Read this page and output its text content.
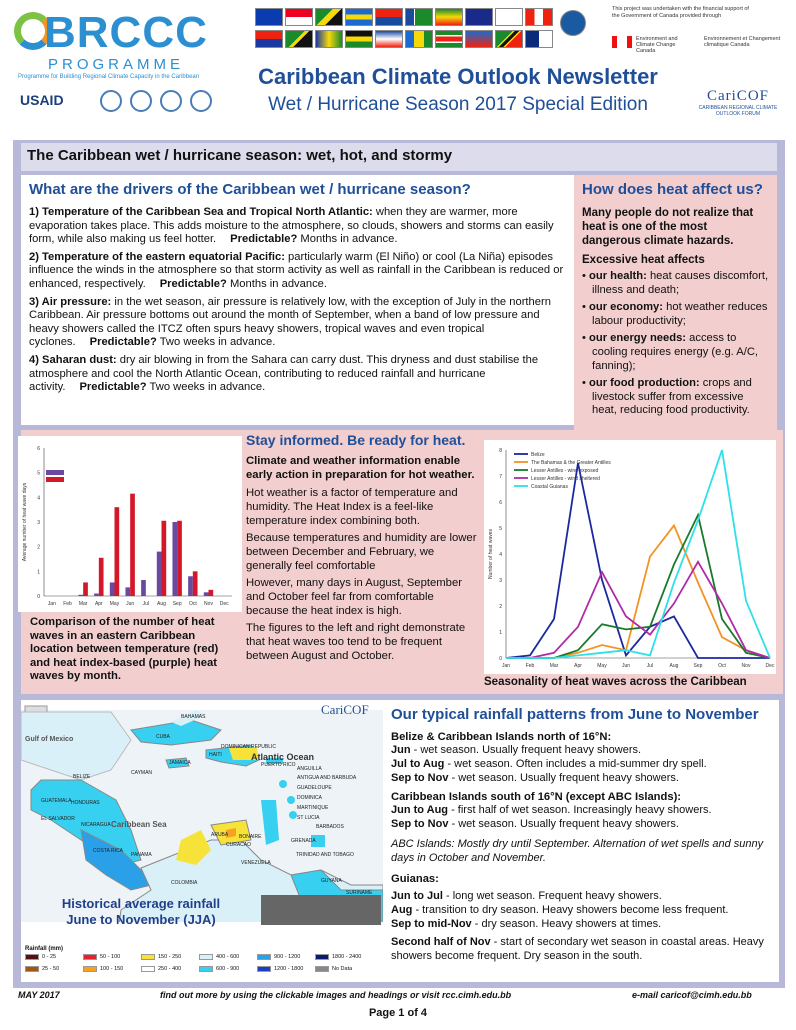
BRCCC
PROGRAMME
Programme for Building Regional Climate Capacity in the Caribbean
This project was undertaken with the financial support of
the Government of Canada provided through
Environment and Climate Change Canada
Environnement et Changement climatique Canada
USAID
Caribbean Climate Outlook Newsletter
Wet / Hurricane Season 2017 Special Edition	CariCOF
CARIBBEAN REGIONAL CLIMATE OUTLOOK FORUM
The Caribbean wet / hurricane season: wet, hot, and stormy
What are the drivers of the Caribbean wet / hurricane season?

1) Temperature of the Caribbean Sea and Tropical North Atlantic: when they are warmer, more evaporation takes place. This adds moisture to the atmosphere, so clouds, showers and storms can easily form, while also making us feel hotter. Predictable? Months in advance.

2) Temperature of the eastern equatorial Pacific: particularly warm (El Niño) or cool (La Niña) episodes influence the winds in the atmosphere so that storm activity as well as rainfall in the Caribbean is reduced or enhanced, respectively. Predictable? Months in advance.

3) Air pressure: in the wet season, air pressure is relatively low, with the exception of July in the northern Caribbean. Air pressure bottoms out around the month of September, when a band of low pressure and heavy showers called the ITCZ often spurs heavy showers, tropical waves and even tropical cyclones. Predictable? Two weeks in advance.

4) Saharan dust: dry air blowing in from the Sahara can carry dust. This dryness and dust stabilise the atmosphere and cool the North Atlantic Ocean, contributing to reduced rainfall and hurricane activity. Predictable? Two weeks in advance.

How does heat affect us?
Many people do not realize that heat is one of the most dangerous climate hazards.
Excessive heat affects
• our health: heat causes discomfort, illness and death;
• our economy: hot weather reduces labour productivity;
• our energy needs: access to cooling requires energy (e.g. A/C, fanning);
• our food production: crops and livestock suffer from excessive heat, reducing food productivity.
0
1
2
3
4
5
6
Average number of heat wave days
Jan Feb Mar Apr May Jun Jul Aug Sep Oct Nov Dec
Comparison of the number of heat waves in an eastern Caribbean location between temperature (red) and heat index-based (purple) heat waves by month.
Stay informed. Be ready for heat.
Climate and weather information enable early action in preparation for hot weather.

Hot weather is a factor of temperature and humidity. The Heat Index is a feel-like temperature index combining both.

Because temperatures and humidity are lower between December and February, we generally feel comfortable

However, many days in August, September and October feel far from comfortable because the heat index is high.

The figures to the left and right demonstrate that heat waves too tend to be frequent between August and October.	0
1
2
3
4
5
6
7
8
Number of heat waves
Jan	Feb	Mar	Apr	May	Jun	Jul	Aug	Sep	Oct	Nov	Dec
Belize
The Bahamas & the Greater Antilles
Lesser Antilles - wind exposed
Lesser Antilles - wind sheltered
Coastal Guianas
Seasonality of heat waves across the Caribbean
Gulf of Mexico
Atlantic Ocean
Caribbean Sea
BAHAMAS
CUBA
JAMAICA
HAITI
DOMINICAN REPUBLIC
PUERTO RICO
BELIZE
GUATEMALA HONDURAS
NICARAGUA
EL SALVADOR
COSTA RICA
PANAMA
COLOMBIA
VENEZUELA
GUYANA
SURINAME
ARUBA
CURACAO
BONAIRE
TRINIDAD AND TOBAGO
BARBADOS
GRENADA
DOMINICA
GUADELOUPE
MARTINIQUE
ST LUCIA
ANTIGUA AND BARBUDA
ANGUILLA
CAYMAN
CariCOF
Historical average rainfall
June to November (JJA)
Rainfall (mm)
0 - 25
25 - 50
50 - 100
100 - 150
150 - 250
250 - 400
400 - 600
600 - 900
900 - 1200
1200 - 1800
1800 - 2400
No Data
Our typical rainfall patterns from June to November
Belize & Caribbean Islands north of 16°N:

Jun - wet season. Usually frequent heavy showers.

Jul to Aug - wet season. Often includes a mid-summer dry spell.

Sep to Nov - wet season. Usually frequent heavy showers.

Caribbean Islands south of 16°N (except ABC Islands):

Jun to Aug - first half of wet season. Increasingly heavy showers.

Sep to Nov - wet season. Usually frequent heavy showers.

ABC Islands: Mostly dry until September. Alternation of wet spells and sunny days in October and November.

Guianas:

Jun to Jul - long wet season. Frequent heavy showers.

Aug - transition to dry season. Heavy showers become less frequent.

Sep to mid-Nov - dry season. Heavy showers at times.

Second half of Nov - start of secondary wet season in coastal areas. Heavy showers become frequent. Dry season in the south.

MAY 2017	find out more by using the clickable images and headings or visit rcc.cimh.edu.bb	e-mail caricof@cimh.edu.bb
Page 1 of 4
